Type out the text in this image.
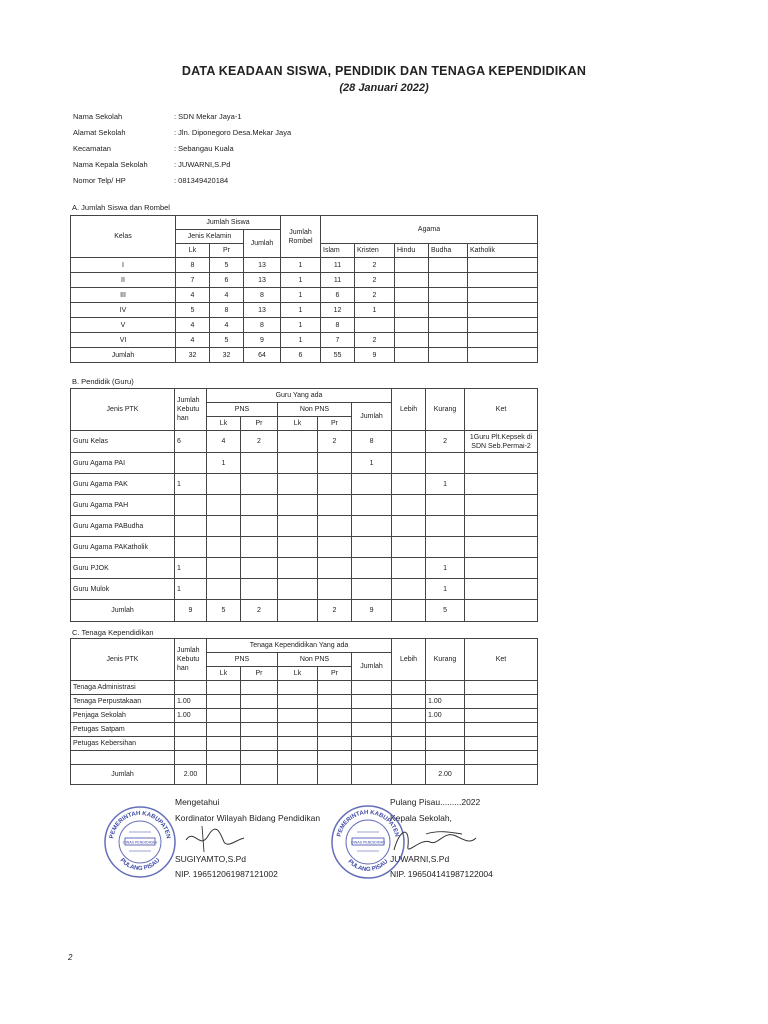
DATA KEADAAN SISWA, PENDIDIK DAN TENAGA KEPENDIDIKAN
(28 Januari 2022)
Nama Sekolah	: SDN Mekar Jaya-1
Alamat Sekolah	: Jln. Diponegoro Desa.Mekar Jaya
Kecamatan	: Sebangau Kuala
Nama Kepala Sekolah	: JUWARNI,S.Pd
Nomor Telp/ HP	: 081349420184
A. Jumlah Siswa dan Rombel
Kelas	Jumlah Siswa			Jumlah Rombel	Agama				
	Jenis Kelamin		Jumlah						
	Lk	Pr			Islam	Kristen	Hindu	Budha	Katholik
I	8	5	13	1	11	2			
II	7	6	13	1	11	2			
III	4	4	8	1	6	2			
IV	5	8	13	1	12	1			
V	4	4	8	1	8				
VI	4	5	9	1	7	2			
Jumlah	32	32	64	6	55	9			
B. Pendidik (Guru)
Jenis PTK	Jumlah Kebutu han	Guru Yang ada					Lebih	Kurang	Ket
		PNS		Non PNS		Jumlah			
		Lk	Pr	Lk	Pr				
Guru Kelas	6	4	2		2	8		2	1Guru Plt.Kepsek di SDN Seb.Permai-2
Guru Agama PAI		1				1			
Guru Agama PAK	1							1	
Guru Agama PAH									
Guru Agama PABudha									
Guru Agama PAKatholik									
Guru PJOK	1							1	
Guru Mulok	1							1	
Jumlah	9	5	2		2	9		5	
C. Tenaga Kependidikan
Jenis PTK	Jumlah Kebutu han	Tenaga Kependidikan Yang ada					Lebih	Kurang	Ket
		PNS		Non PNS		Jumlah			
		Lk	Pr	Lk	Pr				
Tenaga Administrasi									
Tenaga Perpustakaan	1.00							1.00	
Penjaga Sekolah	1.00							1.00	
Petugas Satpam									
Petugas Kebersihan									

Jumlah	2.00							2.00	
Mengetahui
Kordinator Wilayah Bidang Pendidikan
SUGIYAMTO,S.Pd
NIP. 196512061987121002
Pulang Pisau.........2022
Kepala Sekolah,
JUWARNI,S.Pd
NIP. 196504141987122004
PEMERINTAH KABUPATEN
PULANG PISAU
DINAS PENDIDIKAN
PEMERINTAH KABUPATEN
PULANG PISAU
DINAS PENDIDIKAN
2
